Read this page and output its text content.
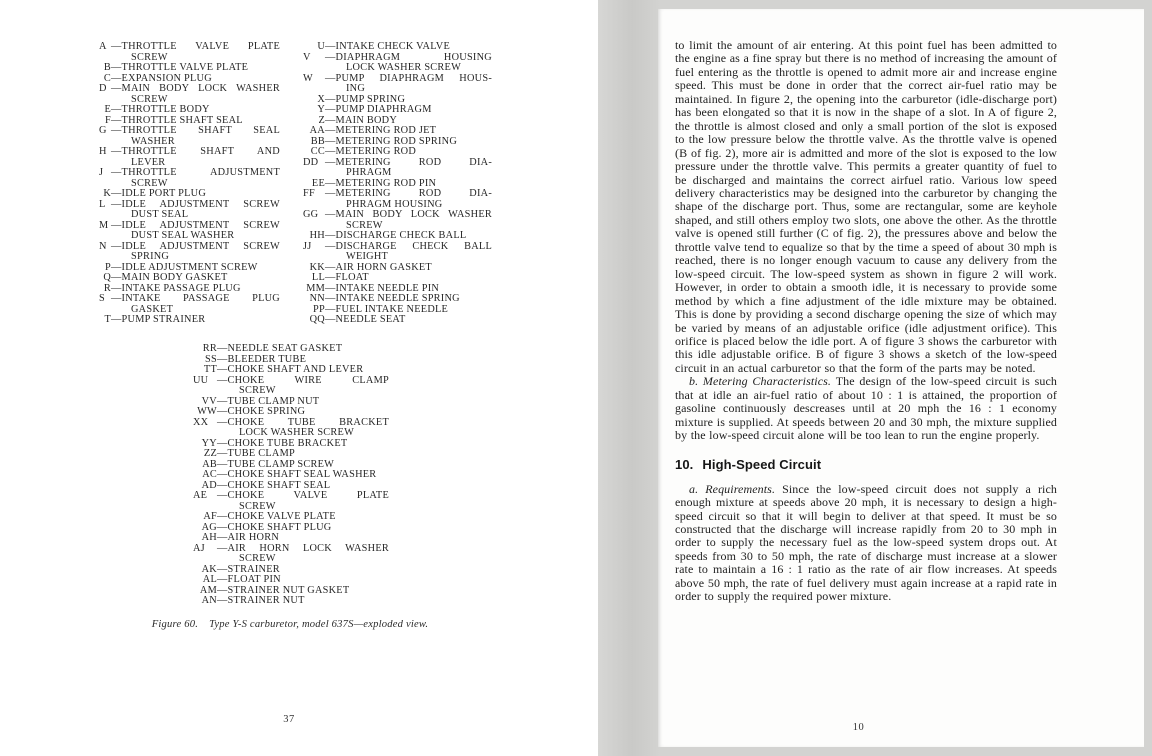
A —THROTTLE VALVE PLATE
SCREW
B—THROTTLE VALVE PLATE
C—EXPANSION PLUG
D —MAIN BODY LOCK WASHER
SCREW
E—THROTTLE BODY
F—THROTTLE SHAFT SEAL
G —THROTTLE SHAFT SEAL
WASHER
H —THROTTLE SHAFT AND
LEVER
J —THROTTLE ADJUSTMENT
SCREW
K—IDLE PORT PLUG
L —IDLE ADJUSTMENT SCREW
DUST SEAL
M —IDLE ADJUSTMENT SCREW
DUST SEAL WASHER
N —IDLE ADJUSTMENT SCREW
SPRING
P—IDLE ADJUSTMENT SCREW
Q—MAIN BODY GASKET
R—INTAKE PASSAGE PLUG
S —INTAKE PASSAGE PLUG
GASKET
T—PUMP STRAINER
U—INTAKE CHECK VALVE
V —DIAPHRAGM HOUSING
LOCK WASHER SCREW
W —PUMP DIAPHRAGM HOUS-
ING
X—PUMP SPRING
Y—PUMP DIAPHRAGM
Z—MAIN BODY
AA—METERING ROD JET
BB—METERING ROD SPRING
CC—METERING ROD
DD —METERING ROD DIA-
PHRAGM
EE—METERING ROD PIN
FF —METERING ROD DIA-
PHRAGM HOUSING
GG —MAIN BODY LOCK WASHER
SCREW
HH—DISCHARGE CHECK BALL
JJ —DISCHARGE CHECK BALL
WEIGHT
KK—AIR HORN GASKET
LL—FLOAT
MM—INTAKE NEEDLE PIN
NN—INTAKE NEEDLE SPRING
PP—FUEL INTAKE NEEDLE
QQ—NEEDLE SEAT
RR—NEEDLE SEAT GASKET
SS—BLEEDER TUBE
TT—CHOKE SHAFT AND LEVER
UU —CHOKE WIRE CLAMP
SCREW
VV—TUBE CLAMP NUT
WW—CHOKE SPRING
XX —CHOKE TUBE BRACKET
LOCK WASHER SCREW
YY—CHOKE TUBE BRACKET
ZZ—TUBE CLAMP
AB—TUBE CLAMP SCREW
AC—CHOKE SHAFT SEAL WASHER
AD—CHOKE SHAFT SEAL
AE —CHOKE VALVE PLATE
SCREW
AF—CHOKE VALVE PLATE
AG—CHOKE SHAFT PLUG
AH—AIR HORN
AJ —AIR HORN LOCK WASHER
SCREW
AK—STRAINER
AL—FLOAT PIN
AM—STRAINER NUT GASKET
AN—STRAINER NUT
Figure 60. Type Y-S carburetor, model 637S—exploded view.
37

to limit the amount of air entering. At this point fuel has been admitted to the engine as a fine spray but there is no method of increasing the amount of fuel entering as the throttle is opened to admit more air and increase engine speed. This must be done in order that the correct air-fuel ratio may be maintained. In figure 2, the opening into the carburetor (idle-discharge port) has been elongated so that it is now in the shape of a slot. In A of figure 2, the throttle is almost closed and only a small portion of the slot is exposed to the low pressure below the throttle valve. As the throttle valve is opened (B of fig. 2), more air is admitted and more of the slot is exposed to the low pressure under the throttle valve. This permits a greater quantity of fuel to be discharged and maintains the correct airfuel ratio. Various low speed delivery characteristics may be designed into the carburetor by changing the shape of the discharge port. Thus, some are rectangular, some are keyhole shaped, and still others employ two slots, one above the other. As the throttle valve is opened still further (C of fig. 2), the pressures above and below the throttle valve tend to equalize so that by the time a speed of about 30 mph is reached, there is no longer enough vacuum to cause any delivery from the low-speed circuit. The low-speed system as shown in figure 2 will work. However, in order to obtain a smooth idle, it is necessary to provide some method by which a fine adjustment of the idle mixture may be obtained. This is done by providing a second discharge opening the size of which may be varied by means of an adjustable orifice (idle adjustment orifice). This orifice is placed below the idle port. A of figure 3 shows the carburetor with this idle adjustable orifice. B of figure 3 shows a sketch of the low-speed circuit in an actual carburetor so that the form of the parts may be noted.

b. Metering Characteristics. The design of the low-speed circuit is such that at idle an air-fuel ratio of about 10 : 1 is attained, the proportion of gasoline continuously descreases until at 20 mph the 16 : 1 economy mixture is supplied. At speeds between 20 and 30 mph, the mixture supplied by the low-speed circuit alone will be too lean to run the engine properly.

10. High-Speed Circuit

a. Requirements. Since the low-speed circuit does not supply a rich enough mixture at speeds above 20 mph, it is necessary to design a high-speed circuit so that it will begin to deliver at that speed. It must be so constructed that the discharge will increase rapidly from 20 to 30 mph in order to supply the necessary fuel as the low-speed system drops out. At speeds from 30 to 50 mph, the rate of discharge must increase at a slower rate to maintain a 16 : 1 ratio as the rate of air flow increases. At speeds above 50 mph, the rate of fuel delivery must again increase at a rapid rate in order to supply the required power mixture.

10
